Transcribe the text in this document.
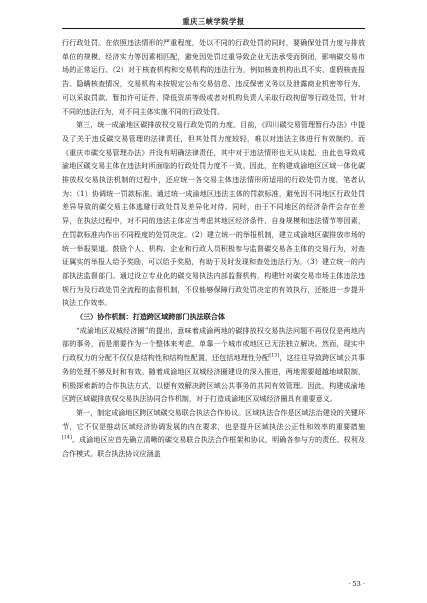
重庆三峡学院学报

行行政处罚。在依照违法情形的严重程度，处以不同的行政处罚的同时，要确保处罚力度与排放单位的规模、经济实力等因素相匹配，避免因处罚过重导致企业无法承受而倒闭，影响碳交易市场的正常运行。（2）对于核查机构和交易机构的违法行为，例如核查机构出具不实、虚假核查报告、隐瞒核查情况，交易机构未按规定公布交易信息、违反保密义务以及泄露商业机密等行为，可以采取罚款、暂扣许可证件、降低资质等级或者对机构负责人采取行政拘留等行政处罚，针对不同的违法行为，对不同主体实施不同的行政处罚。

第三，统一成渝地区碳排放权交易行政处罚的力度。目前，《四川碳交易管理暂行办法》中提及了关于违反碳交易管理的法律责任，但其处罚力度较轻，难以对违法主体进行有效制约。而《重庆市碳交易管理办法》并没有明确法律责任，其中对于违法情形也无从谈起，由此也导致成渝地区碳交易主体在违法时所面临的行政处罚力度不一致。因此，在构建成渝地区区域一体化碳排放权交易执法机制的过程中，还应统一各交易主体违法情形所适用的行政处罚力度，笔者认为：（1）协调统一罚款标准。通过统一成渝地区违法主体的罚款标准，避免因不同地区行政处罚差异导致的碳交易主体逃避行政处罚及差异化对待。同时，由于不同地区的经济条件会存在差异，在执法过程中，对不同的违法主体应当考虑其地区经济条件、自身规模和违法情节等因素，在罚款标准内作出不同程度的处罚决定。（2）建立统一的举报机制，建立成渝地区碳排放市场的统一举报渠道。鼓励个人、机构、企业和行政人员积极参与监督碳交易各主体的交易行为，对查证属实的举报人给予奖励，可以给予奖励，有助于及时发现和查处违法行为。（3）建立统一的内部执法监督部门。通过设立专业化的碳交易执法内部监督机构，构建针对碳交易市场主体违法违规行为及行政处罚全流程的监督机制，不仅能够保障行政处罚决定的有效执行，还能进一步提升执法工作效率。

（三）协作机制：打造跨区域跨部门执法联合体

“成渝地区双城经济圈”的提出，意味着成渝两地的碳排放权交易执法问题不再仅仅是两地内部的事务，而是需要作为一个整体来考虑，单靠一个城市或地区已无法独立解决。然而，现实中行政权力的分配不仅仅是结构性和结构性配置，还包括地理性分配[13]，这往往导致跨区域公共事务的处理不够及时和有效。随着成渝地区双城经济圈建设的深入推进，两地需要超越地域限制，积极探索新的合作执法方式，以便有效解决跨区域公共事务的共同有效管理。因此，构建成渝地区跨区域碳排放权交易执法协同合作机制，对于打造成渝地区双城经济圈具有重要意义。

第一，制定成渝地区跨区域碳交易联合执法合作协议。区域执法合作是区域法治建设的关键环节，它不仅是推动区域经济协调发展的内在要求，也是提升区域执法公正性和效率的重要措施[14]。成渝地区应首先确立清晰的碳交易联合执法合作框架和协议，明确各参与方的责任、权利及合作模式。联合执法协议应涵盖

· 53 ·
